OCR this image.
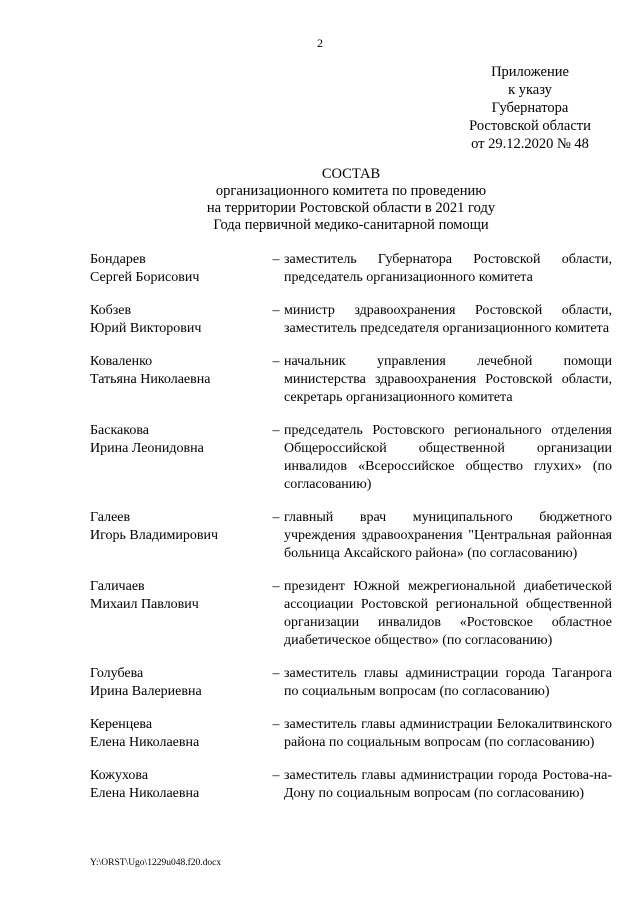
2
Приложение
к указу
Губернатора
Ростовской области
от 29.12.2020 № 48
СОСТАВ
организационного комитета по проведению
на территории Ростовской области в 2021 году
Года первичной медико-санитарной помощи
Бондарев
Сергей Борисович
– заместитель Губернатора Ростовской области, председатель организационного комитета
Кобзев
Юрий Викторович
– министр здравоохранения Ростовской области, заместитель председателя организационного комитета
Коваленко
Татьяна Николаевна
– начальник управления лечебной помощи министерства здравоохранения Ростовской области, секретарь организационного комитета
Баскакова
Ирина Леонидовна
– председатель Ростовского регионального отделения Общероссийской общественной организации инвалидов «Всероссийское общество глухих» (по согласованию)
Галеев
Игорь Владимирович
– главный врач муниципального бюджетного учреждения здравоохранения "Центральная районная больница Аксайского района» (по согласованию)
Галичаев
Михаил Павлович
– президент Южной межрегиональной диабетической ассоциации Ростовской региональной общественной организации инвалидов «Ростовское областное диабетическое общество» (по согласованию)
Голубева
Ирина Валериевна
– заместитель главы администрации города Таганрога по социальным вопросам (по согласованию)
Керенцева
Елена Николаевна
– заместитель главы администрации Белокалитвинского района по социальным вопросам (по согласованию)
Кожухова
Елена Николаевна
– заместитель главы администрации города Ростова-на-Дону по социальным вопросам (по согласованию)
Y:\ORST\Ugo\1229u048.f20.docx
